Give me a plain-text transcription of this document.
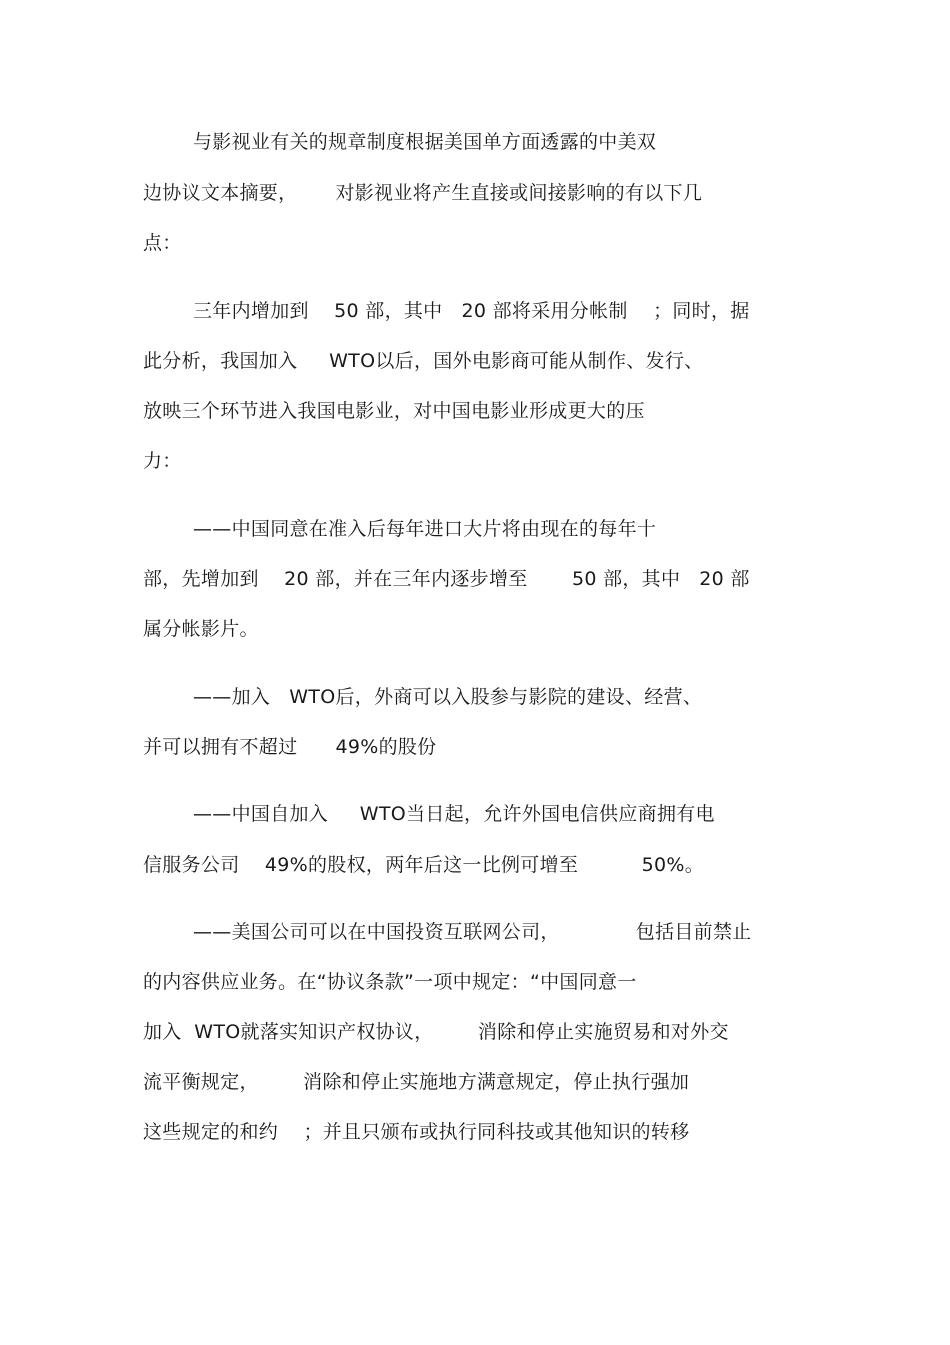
与影视业有关的规章制度根据美国单方面透露的中美双
边协议文本摘要，      对影视业将产生直接或间接影响的有以下几
点：
三年内增加到    50 部，其中   20 部将采用分帐制    ；同时，据
此分析，我国加入     WTO以后，国外电影商可能从制作、发行、
放映三个环节进入我国电影业，对中国电影业形成更大的压
力：
——中国同意在准入后每年进口大片将由现在的每年十
部，先增加到    20 部，并在三年内逐步增至       50 部，其中   20 部
属分帐影片。
——加入   WTO后，外商可以入股参与影院的建设、经营、
并可以拥有不超过      49%的股份
——中国自加入     WTO当日起，允许外国电信供应商拥有电
信服务公司    49%的股权，两年后这一比例可增至          50%。
——美国公司可以在中国投资互联网公司，            包括目前禁止
的内容供应业务。在“协议条款”一项中规定：“中国同意一
加入  WTO就落实知识产权协议，       消除和停止实施贸易和对外交
流平衡规定，       消除和停止实施地方满意规定，停止执行强加
这些规定的和约    ；并且只颁布或执行同科技或其他知识的转移
